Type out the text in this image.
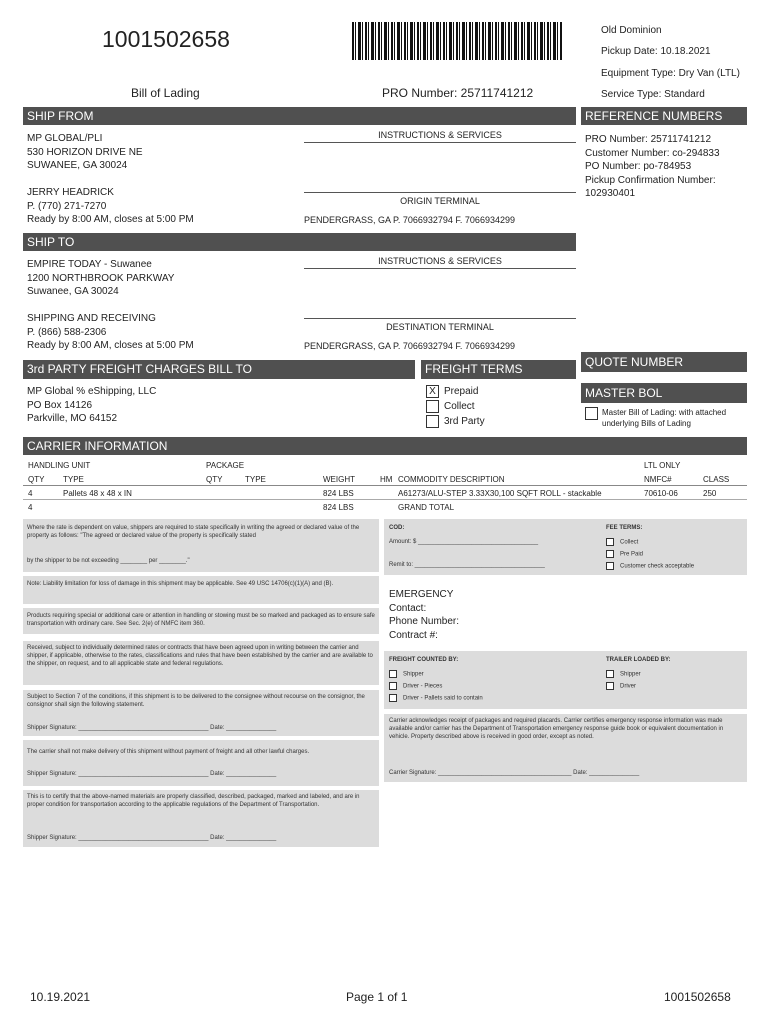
1001502658	Old Dominion
Pickup Date: 10.18.2021
Equipment Type: Dry Van (LTL)
Service Type: Standard
Bill of Lading	PRO Number: 25711741212
SHIP FROM
MP GLOBAL/PLI
530 HORIZON DRIVE NE
SUWANEE, GA 30024
JERRY HEADRICK
P. (770) 271-7270
Ready by 8:00 AM, closes at 5:00 PM
INSTRUCTIONS & SERVICES
ORIGIN TERMINAL
PENDERGRASS, GA P. 7066932794 F. 7066934299
REFERENCE NUMBERS
PRO Number: 25711741212
Customer Number: co-294833
PO Number: po-784953
Pickup Confirmation Number:
102930401
SHIP TO
EMPIRE TODAY - Suwanee
1200 NORTHBROOK PARKWAY
Suwanee, GA 30024
SHIPPING AND RECEIVING
P. (866) 588-2306
Ready by 8:00 AM, closes at 5:00 PM
INSTRUCTIONS & SERVICES
DESTINATION TERMINAL
PENDERGRASS, GA P. 7066932794 F. 7066934299
QUOTE NUMBER
MASTER BOL
Master Bill of Lading: with attached underlying Bills of Lading
3rd PARTY FREIGHT CHARGES BILL TO
MP Global % eShipping, LLC
PO Box 14126
Parkville, MO 64152
FREIGHT TERMS
X Prepaid
Collect
3rd Party
CARRIER INFORMATION
HANDLING UNIT	PACKAGE	LTL ONLY
QTY TYPE	QTY	TYPE	WEIGHT	HM COMMODITY DESCRIPTION	NMFC#	CLASS
4	Pallets 48 x 48 x IN	824 LBS	A61273/ALU-STEP 3.33X30,100 SQFT ROLL - stackable	70610-06	250
4	824 LBS	GRAND TOTAL
Where the rate is dependent on value, shippers are required to state specifically in writing the agreed or declared value of the property as follows: "The agreed or declared value of the property is specifically stated
by the shipper to be not exceeding ________ per ________."
Note: Liability limitation for loss of damage in this shipment may be applicable. See 49 USC 14706(c)(1)(A) and (B).
Products requiring special or additional care or attention in handling or stowing must be so marked and packaged as to ensure safe transportation with ordinary care. See Sec. 2(e) of NMFC item 360.
Received, subject to individually determined rates or contracts that have been agreed upon in writing between the carrier and shipper, if applicable, otherwise to the rates, classifications and rules that have been established by the carrier and are available to the shipper, on request, and to all applicable state and federal regulations.
Subject to Section 7 of the conditions, if this shipment is to be delivered to the consignee without recourse on the consignor, the consignor shall sign the following statement.
Shipper Signature: _______________________________________ Date: _______________
The carrier shall not make delivery of this shipment without payment of freight and all other lawful charges.
Shipper Signature: _______________________________________ Date: _______________
This is to certify that the above-named materials are properly classified, described, packaged, marked and labeled, and are in proper condition for transportation according to the applicable regulations of the Department of Transportation.
Shipper Signature: _______________________________________ Date: _______________
COD:
Amount: $ ____________________________________
Remit to: _______________________________________
FEE TERMS:
Collect
Pre Paid
Customer check acceptable
EMERGENCY
Contact:
Phone Number:
Contract #:
FREIGHT COUNTED BY:
Shipper
Driver - Pieces
Driver - Pallets said to contain
TRAILER LOADED BY:
Shipper
Driver
Carrier acknowledges receipt of packages and required placards. Carrier certifies emergency response information was made available and/or carrier has the Department of Transportation emergency response guide book or equivalent documentation in vehicle. Property described above is received in good order, except as noted.
Carrier Signature: ________________________________________ Date: _______________
10.19.2021	Page 1 of 1	1001502658
